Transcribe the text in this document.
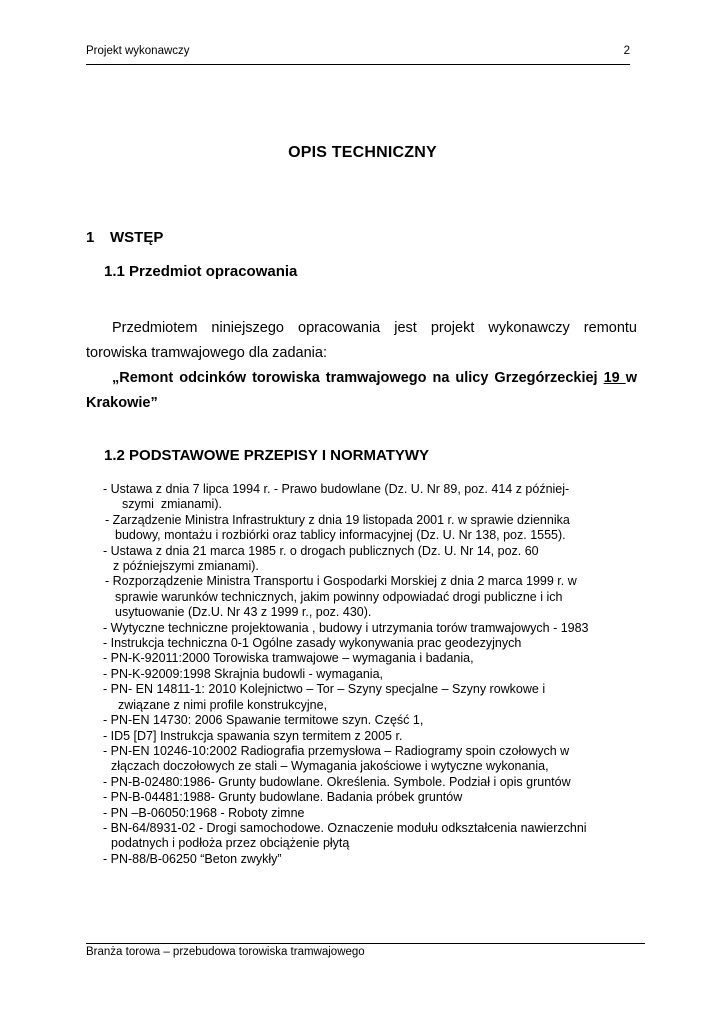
Projekt wykonawczy	2
OPIS TECHNICZNY
1 WSTĘP
1.1 Przedmiot opracowania
Przedmiotem niniejszego opracowania jest projekt wykonawczy remontu
torowiska tramwajowego dla zadania:
„Remont odcinków torowiska tramwajowego na ulicy Grzegórzeckiej 19 w
Krakowie”
1.2 PODSTAWOWE PRZEPISY I NORMATYWY
- Ustawa z dnia 7 lipca 1994 r. - Prawo budowlane (Dz. U. Nr 89, poz. 414 z później-
szymi  zmianami).
- Zarządzenie Ministra Infrastruktury z dnia 19 listopada 2001 r. w sprawie dziennika
budowy, montażu i rozbiórki oraz tablicy informacyjnej (Dz. U. Nr 138, poz. 1555).
- Ustawa z dnia 21 marca 1985 r. o drogach publicznych (Dz. U. Nr 14, poz. 60
z późniejszymi zmianami).
- Rozporządzenie Ministra Transportu i Gospodarki Morskiej z dnia 2 marca 1999 r. w
sprawie warunków technicznych, jakim powinny odpowiadać drogi publiczne i ich
usytuowanie (Dz.U. Nr 43 z 1999 r., poz. 430).
- Wytyczne techniczne projektowania , budowy i utrzymania torów tramwajowych - 1983
- Instrukcja techniczna 0-1 Ogólne zasady wykonywania prac geodezyjnych
- PN-K-92011:2000 Torowiska tramwajowe – wymagania i badania,
- PN-K-92009:1998 Skrajnia budowli - wymagania,
- PN- EN 14811-1: 2010 Kolejnictwo – Tor – Szyny specjalne – Szyny rowkowe i
związane z nimi profile konstrukcyjne,
- PN-EN 14730: 2006 Spawanie termitowe szyn. Część 1,
- ID5 [D7] Instrukcja spawania szyn termitem z 2005 r.
- PN-EN 10246-10:2002 Radiografia przemysłowa – Radiogramy spoin czołowych w
złączach doczołowych ze stali – Wymagania jakościowe i wytyczne wykonania,
- PN-B-02480:1986- Grunty budowlane. Określenia. Symbole. Podział i opis gruntów
- PN-B-04481:1988- Grunty budowlane. Badania próbek gruntów
- PN –B-06050:1968 - Roboty zimne
- BN-64/8931-02 - Drogi samochodowe. Oznaczenie modułu odkształcenia nawierzchni
podatnych i podłoża przez obciążenie płytą
- PN-88/B-06250 “Beton zwykły”
Branża torowa – przebudowa torowiska tramwajowego
